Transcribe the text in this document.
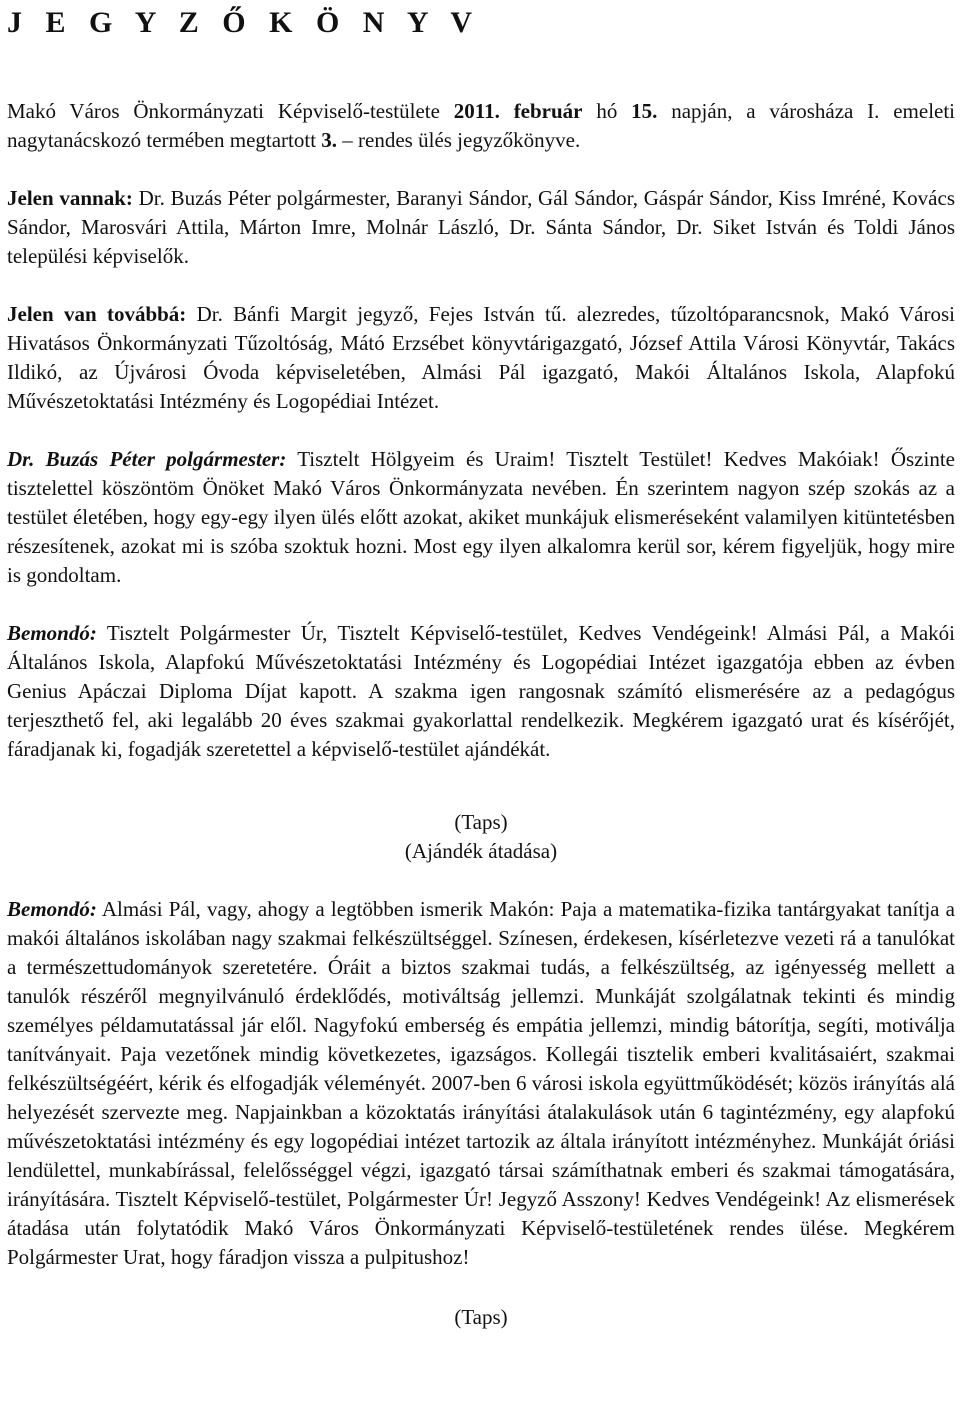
J E G Y Z Ő K Ö N Y V

Makó Város Önkormányzati Képviselő-testülete 2011. február hó 15. napján, a városháza I. emeleti nagytanácskozó termében megtartott 3. – rendes ülés jegyzőkönyve.

Jelen vannak: Dr. Buzás Péter polgármester, Baranyi Sándor, Gál Sándor, Gáspár Sándor, Kiss Imréné, Kovács Sándor, Marosvári Attila, Márton Imre, Molnár László, Dr. Sánta Sándor, Dr. Siket István és Toldi János települési képviselők.

Jelen van továbbá: Dr. Bánfi Margit jegyző, Fejes István tű. alezredes, tűzoltóparancsnok, Makó Városi Hivatásos Önkormányzati Tűzoltóság, Mátó Erzsébet könyvtárigazgató, József Attila Városi Könyvtár, Takács Ildikó, az Újvárosi Óvoda képviseletében, Almási Pál igazgató, Makói Általános Iskola, Alapfokú Művészetoktatási Intézmény és Logopédiai Intézet.

Dr. Buzás Péter polgármester: Tisztelt Hölgyeim és Uraim! Tisztelt Testület! Kedves Makóiak! Őszinte tisztelettel köszöntöm Önöket Makó Város Önkormányzata nevében. Én szerintem nagyon szép szokás az a testület életében, hogy egy-egy ilyen ülés előtt azokat, akiket munkájuk elismeréseként valamilyen kitüntetésben részesítenek, azokat mi is szóba szoktuk hozni. Most egy ilyen alkalomra kerül sor, kérem figyeljük, hogy mire is gondoltam.

Bemondó: Tisztelt Polgármester Úr, Tisztelt Képviselő-testület, Kedves Vendégeink! Almási Pál, a Makói Általános Iskola, Alapfokú Művészetoktatási Intézmény és Logopédiai Intézet igazgatója ebben az évben Genius Apáczai Diploma Díjat kapott. A szakma igen rangosnak számító elismerésére az a pedagógus terjeszthető fel, aki legalább 20 éves szakmai gyakorlattal rendelkezik. Megkérem igazgató urat és kísérőjét, fáradjanak ki, fogadják szeretettel a képviselő-testület ajándékát.

(Taps)

(Ajándék átadása)

Bemondó: Almási Pál, vagy, ahogy a legtöbben ismerik Makón: Paja a matematika-fizika tantárgyakat tanítja a makói általános iskolában nagy szakmai felkészültséggel. Színesen, érdekesen, kísérletezve vezeti rá a tanulókat a természettudományok szeretetére. Óráit a biztos szakmai tudás, a felkészültség, az igényesség mellett a tanulók részéről megnyilvánuló érdeklődés, motiváltság jellemzi. Munkáját szolgálatnak tekinti és mindig személyes példamutatással jár elől. Nagyfokú emberség és empátia jellemzi, mindig bátorítja, segíti, motiválja tanítványait. Paja vezetőnek mindig következetes, igazságos. Kollegái tisztelik emberi kvalitásaiért, szakmai felkészültségéért, kérik és elfogadják véleményét. 2007-ben 6 városi iskola együttműködését; közös irányítás alá helyezését szervezte meg. Napjainkban a közoktatás irányítási átalakulások után 6 tagintézmény, egy alapfokú művészetoktatási intézmény és egy logopédiai intézet tartozik az általa irányított intézményhez. Munkáját óriási lendülettel, munkabírással, felelősséggel végzi, igazgató társai számíthatnak emberi és szakmai támogatására, irányítására. Tisztelt Képviselő-testület, Polgármester Úr! Jegyző Asszony! Kedves Vendégeink! Az elismerések átadása után folytatódik Makó Város Önkormányzati Képviselő-testületének rendes ülése. Megkérem Polgármester Urat, hogy fáradjon vissza a pulpitushoz!

(Taps)
